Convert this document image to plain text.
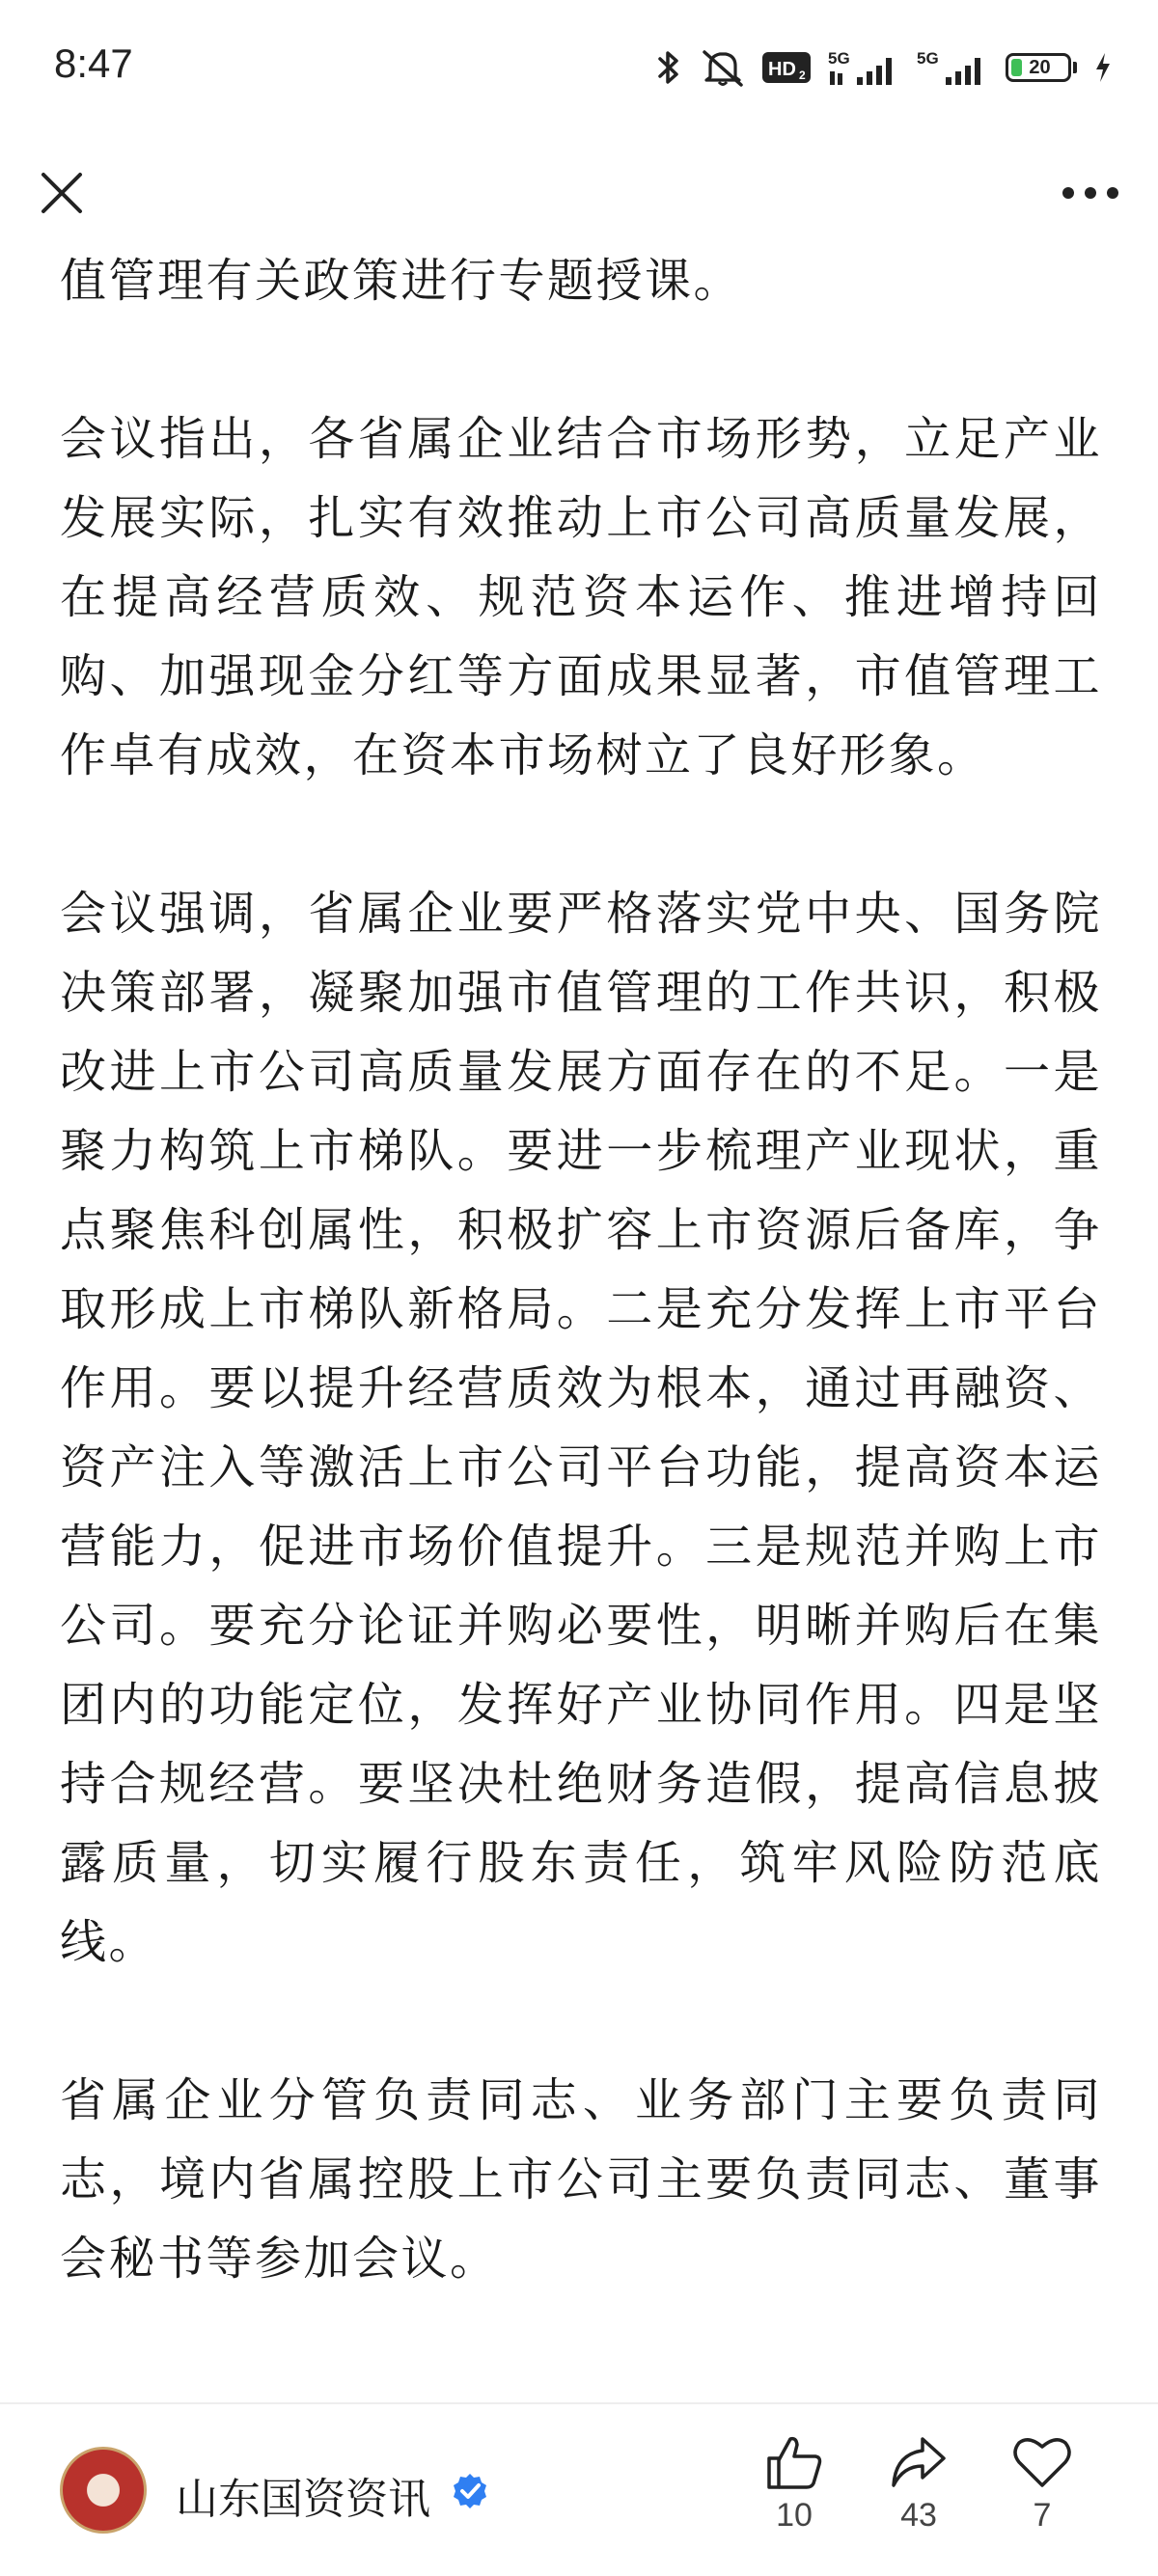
8:47	HD 2
5G	5G	20

值管理有关政策进行专题授课。

会议指出，各省属企业结合市场形势，立足产业发展实际，扎实有效推动上市公司高质量发展，在提高经营质效、规范资本运作、推进增持回购、加强现金分红等方面成果显著，市值管理工作卓有成效，在资本市场树立了良好形象。

会议强调，省属企业要严格落实党中央、国务院决策部署，凝聚加强市值管理的工作共识，积极改进上市公司高质量发展方面存在的不足。一是聚力构筑上市梯队。要进一步梳理产业现状，重点聚焦科创属性，积极扩容上市资源后备库，争取形成上市梯队新格局。二是充分发挥上市平台作用。要以提升经营质效为根本，通过再融资、资产注入等激活上市公司平台功能，提高资本运营能力，促进市场价值提升。三是规范并购上市公司。要充分论证并购必要性，明晰并购后在集团内的功能定位，发挥好产业协同作用。四是坚持合规经营。要坚决杜绝财务造假，提高信息披露质量，切实履行股东责任，筑牢风险防范底线。

省属企业分管负责同志、业务部门主要负责同志，境内省属控股上市公司主要负责同志、董事会秘书等参加会议。

山东国资资讯	10	43	7
